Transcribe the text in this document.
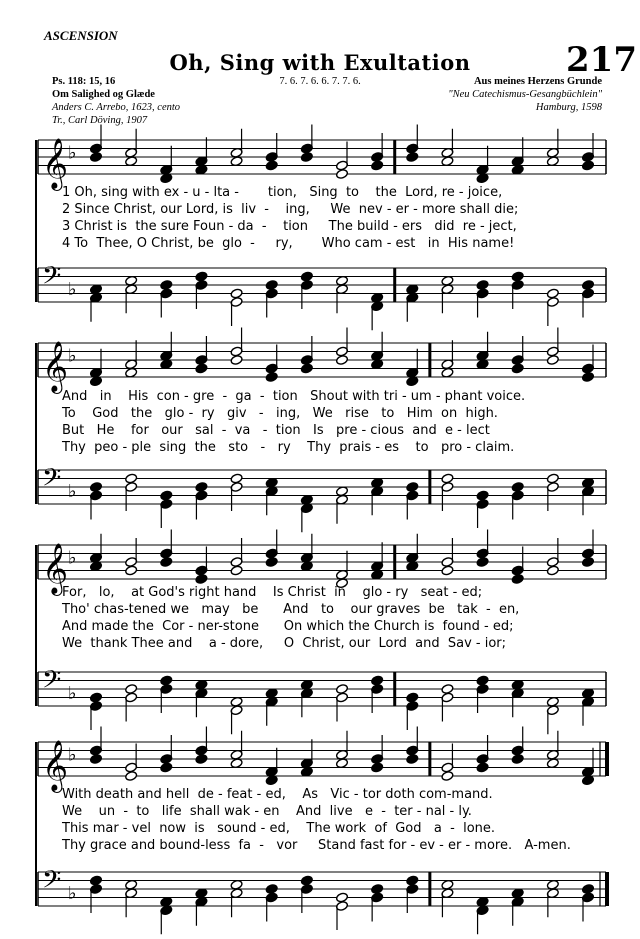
ASCENSION
Oh, Sing with Exultation	217
Ps. 118: 15, 16
Om Salighed og Glæde
Anders C. Arrebo, 1623, cento
Tr., Carl Döving, 1907
7. 6. 7. 6. 6. 7. 7. 6.	Aus meines Herzens Grunde
"Neu Catechismus-Gesangbüchlein"
Hamburg, 1598
𝄞 ♭
𝄢 ♭
𝄞 ♭
𝄢 ♭
𝄞 ♭
𝄢 ♭
𝄞 ♭
𝄢 ♭
1 Oh, sing with ex - u - lta -       tion,   Sing  to    the  Lord, re - joice,
2 Since Christ, our Lord, is  liv  -    ing,     We  nev - er - more shall die;
3 Christ is  the sure Foun - da  -    tion     The build - ers   did  re - ject,
4 To  Thee, O Christ, be  glo  -     ry,       Who cam - est   in  His name!
And   in    His  con - gre  -  ga  -  tion   Shout with tri - um - phant voice.
To    God   the   glo -  ry   giv   -   ing,   We   rise   to   Him  on  high.
But   He    for   our   sal  -  va   -  tion   Is   pre - cious  and  e - lect
Thy  peo - ple  sing  the   sto   -   ry    Thy  prais - es    to   pro - claim.
For,   lo,    at God's right hand    Is Christ  in    glo - ry   seat - ed;
Tho' chas-tened we   may   be      And   to    our graves  be   tak  -  en,
And made the  Cor - ner-stone      On which the Church is  found - ed;
We  thank Thee and    a - dore,     O  Christ, our  Lord  and  Sav - ior;
With death and hell  de - feat - ed,    As   Vic - tor doth com-mand.
We    un  -  to   life  shall wak - en    And  live   e  -  ter - nal - ly.
This mar - vel  now  is   sound - ed,    The work  of  God   a  -  lone.
Thy grace and bound-less  fa  -   vor     Stand fast for - ev - er - more.   A-men.
